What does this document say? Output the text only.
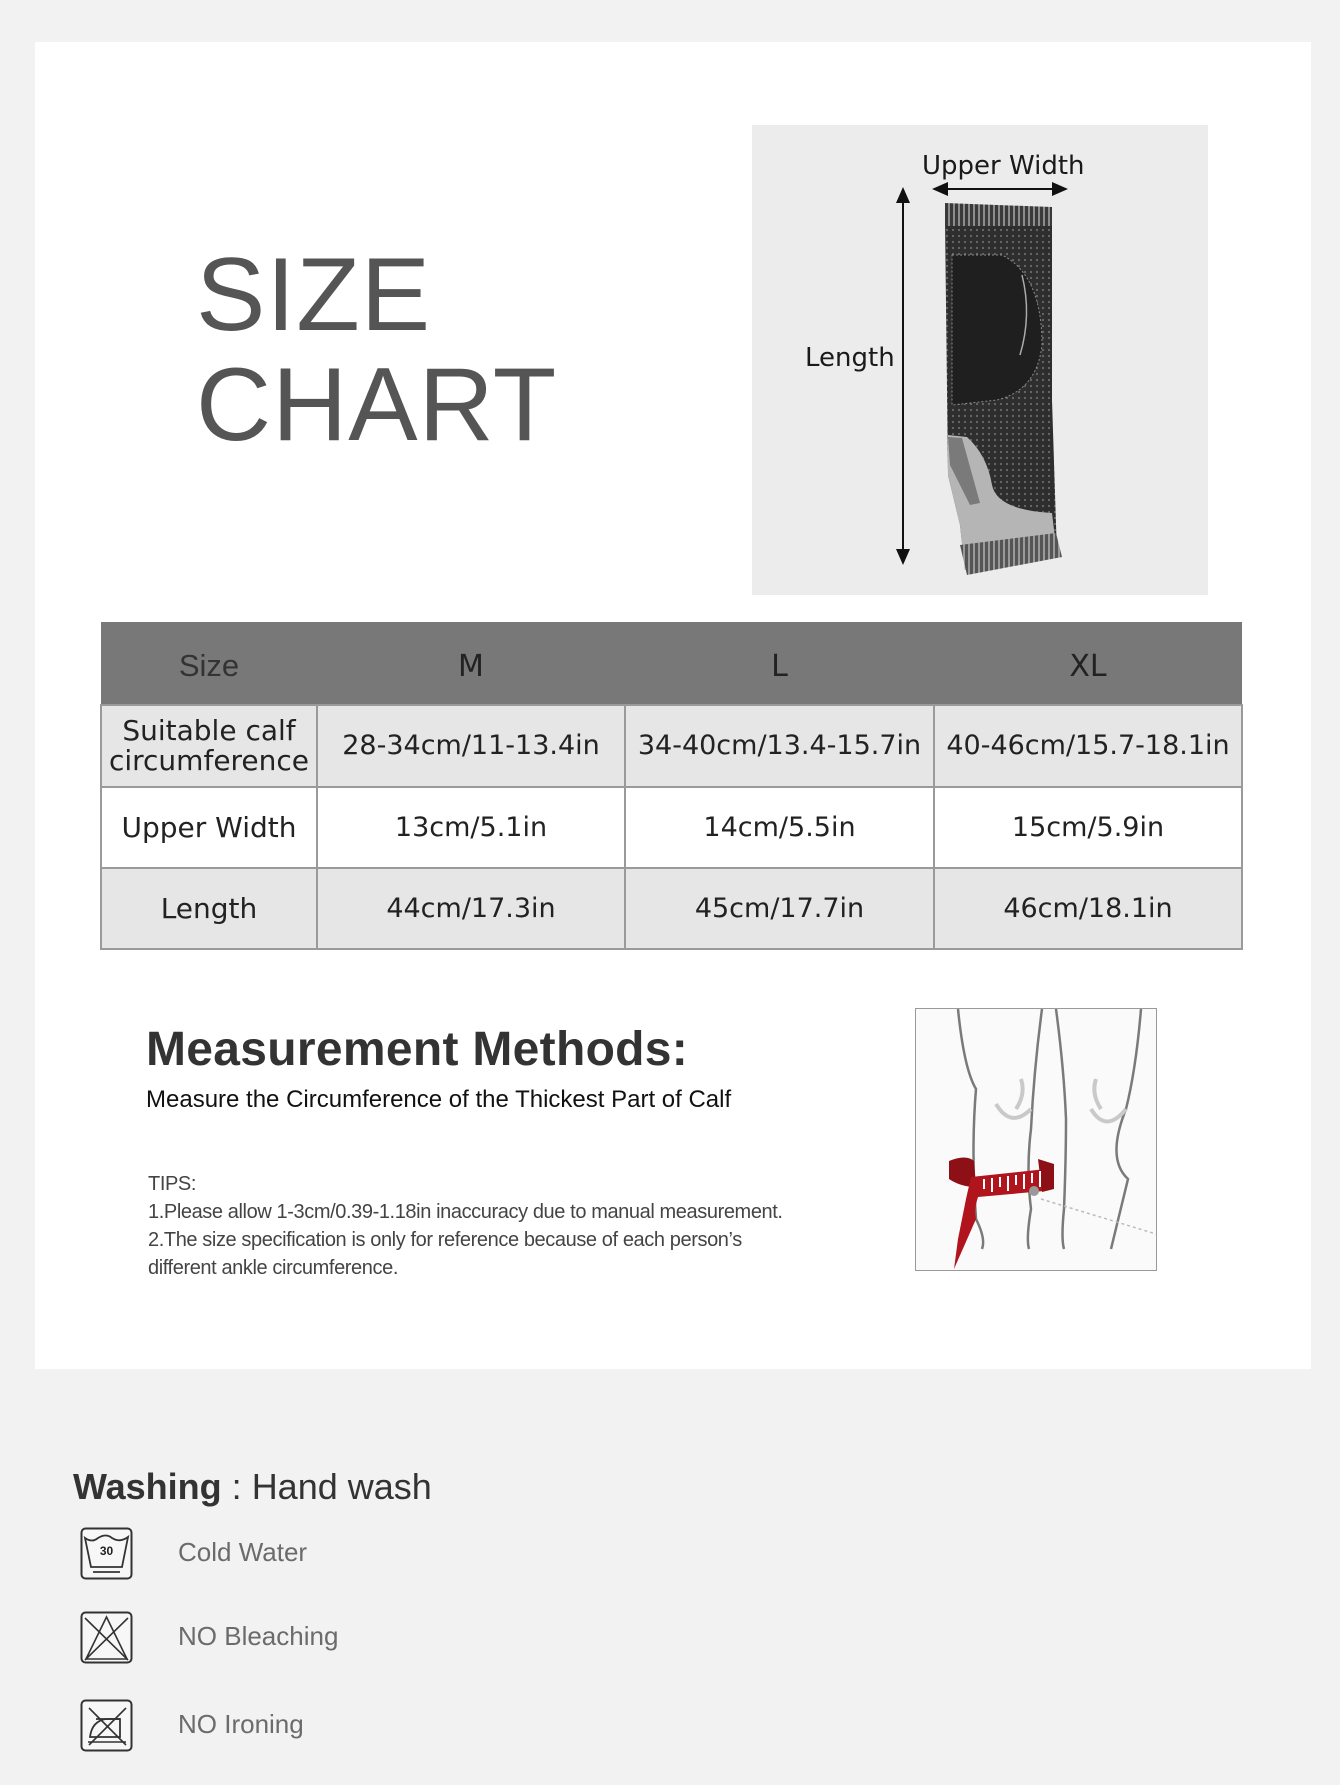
SIZE
CHART
Upper Width
Length
Size	M	L	XL

Suitable calf
circumference	28-34cm/11-13.4in	34-40cm/13.4-15.7in	40-46cm/15.7-18.1in
Upper Width	13cm/5.1in	14cm/5.5in	15cm/5.9in
Length	44cm/17.3in	45cm/17.7in	46cm/18.1in
Measurement Methods:
Measure the Circumference of the Thickest Part of Calf
TIPS:
1.Please allow 1-3cm/0.39-1.18in inaccuracy due to manual measurement.
2.The size specification is only for reference because of each person’s
different ankle circumference.
Washing : Hand wash
30 Cold Water
NO Bleaching
NO Ironing
